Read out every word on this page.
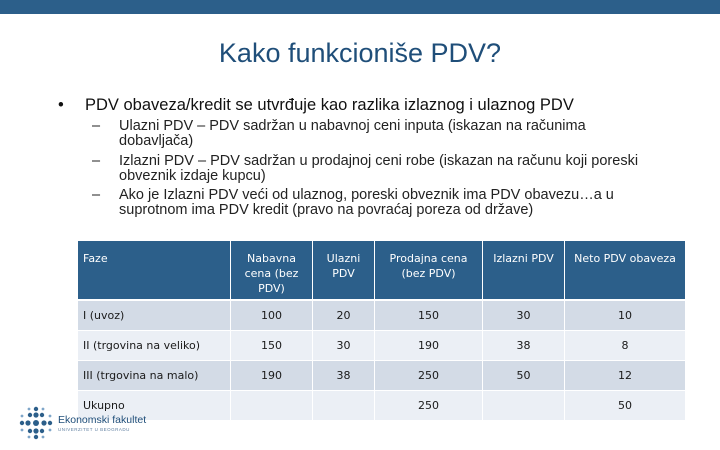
Kako funkcioniše PDV?
• PDV obaveza/kredit se utvrđuje kao razlika izlaznog i ulaznog PDV
– Ulazni PDV – PDV sadržan u nabavnoj ceni inputa (iskazan na računima dobavljača)
– Izlazni PDV – PDV sadržan u prodajnoj ceni robe (iskazan na računu koji poreski obveznik izdaje kupcu)
– Ako je Izlazni PDV veći od ulaznog, poreski obveznik ima PDV obavezu…a u suprotnom ima PDV kredit (pravo na povraćaj poreza od države)
Faze	Nabavna cena (bez PDV)	Ulazni PDV	Prodajna cena (bez PDV)	Izlazni PDV	Neto PDV obaveza
I (uvoz)	100	20	150	30	10
II (trgovina na veliko)	150	30	190	38	8
III (trgovina na malo)	190	38	250	50	12
Ukupno			250		50
Ekonomski fakultet
UNIVERZITET U BEOGRADU
